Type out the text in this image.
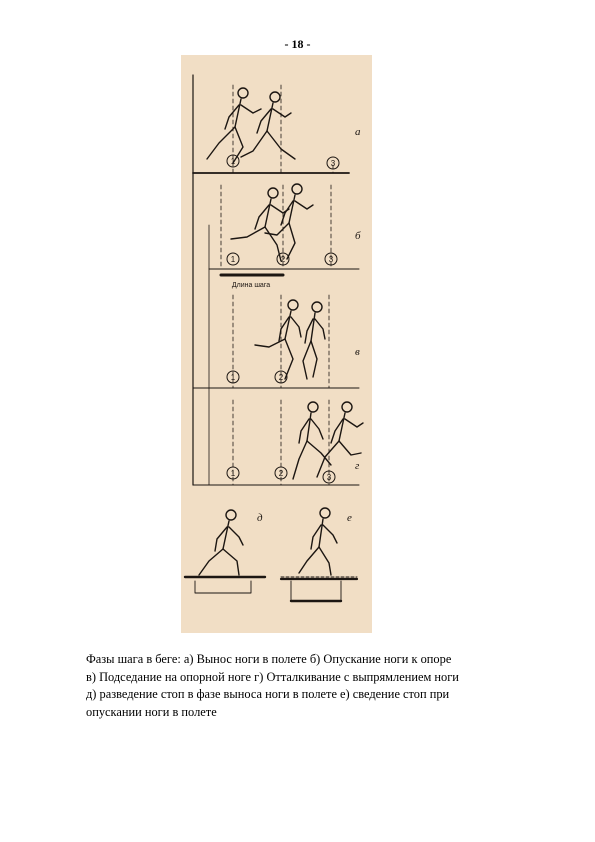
- 18 -
а
б
в
г
д	е
1	3
1	2	3
1	2
1	2	3
Длина шага
Фазы шага в беге: а) Вынос ноги в полете б) Опускание ноги к опоре
в) Подседание на опорной ноге г) Отталкивание с выпрямлением ноги
д) разведение стоп в фазе выноса ноги в полете е) сведение стоп при
опускании ноги в полете
